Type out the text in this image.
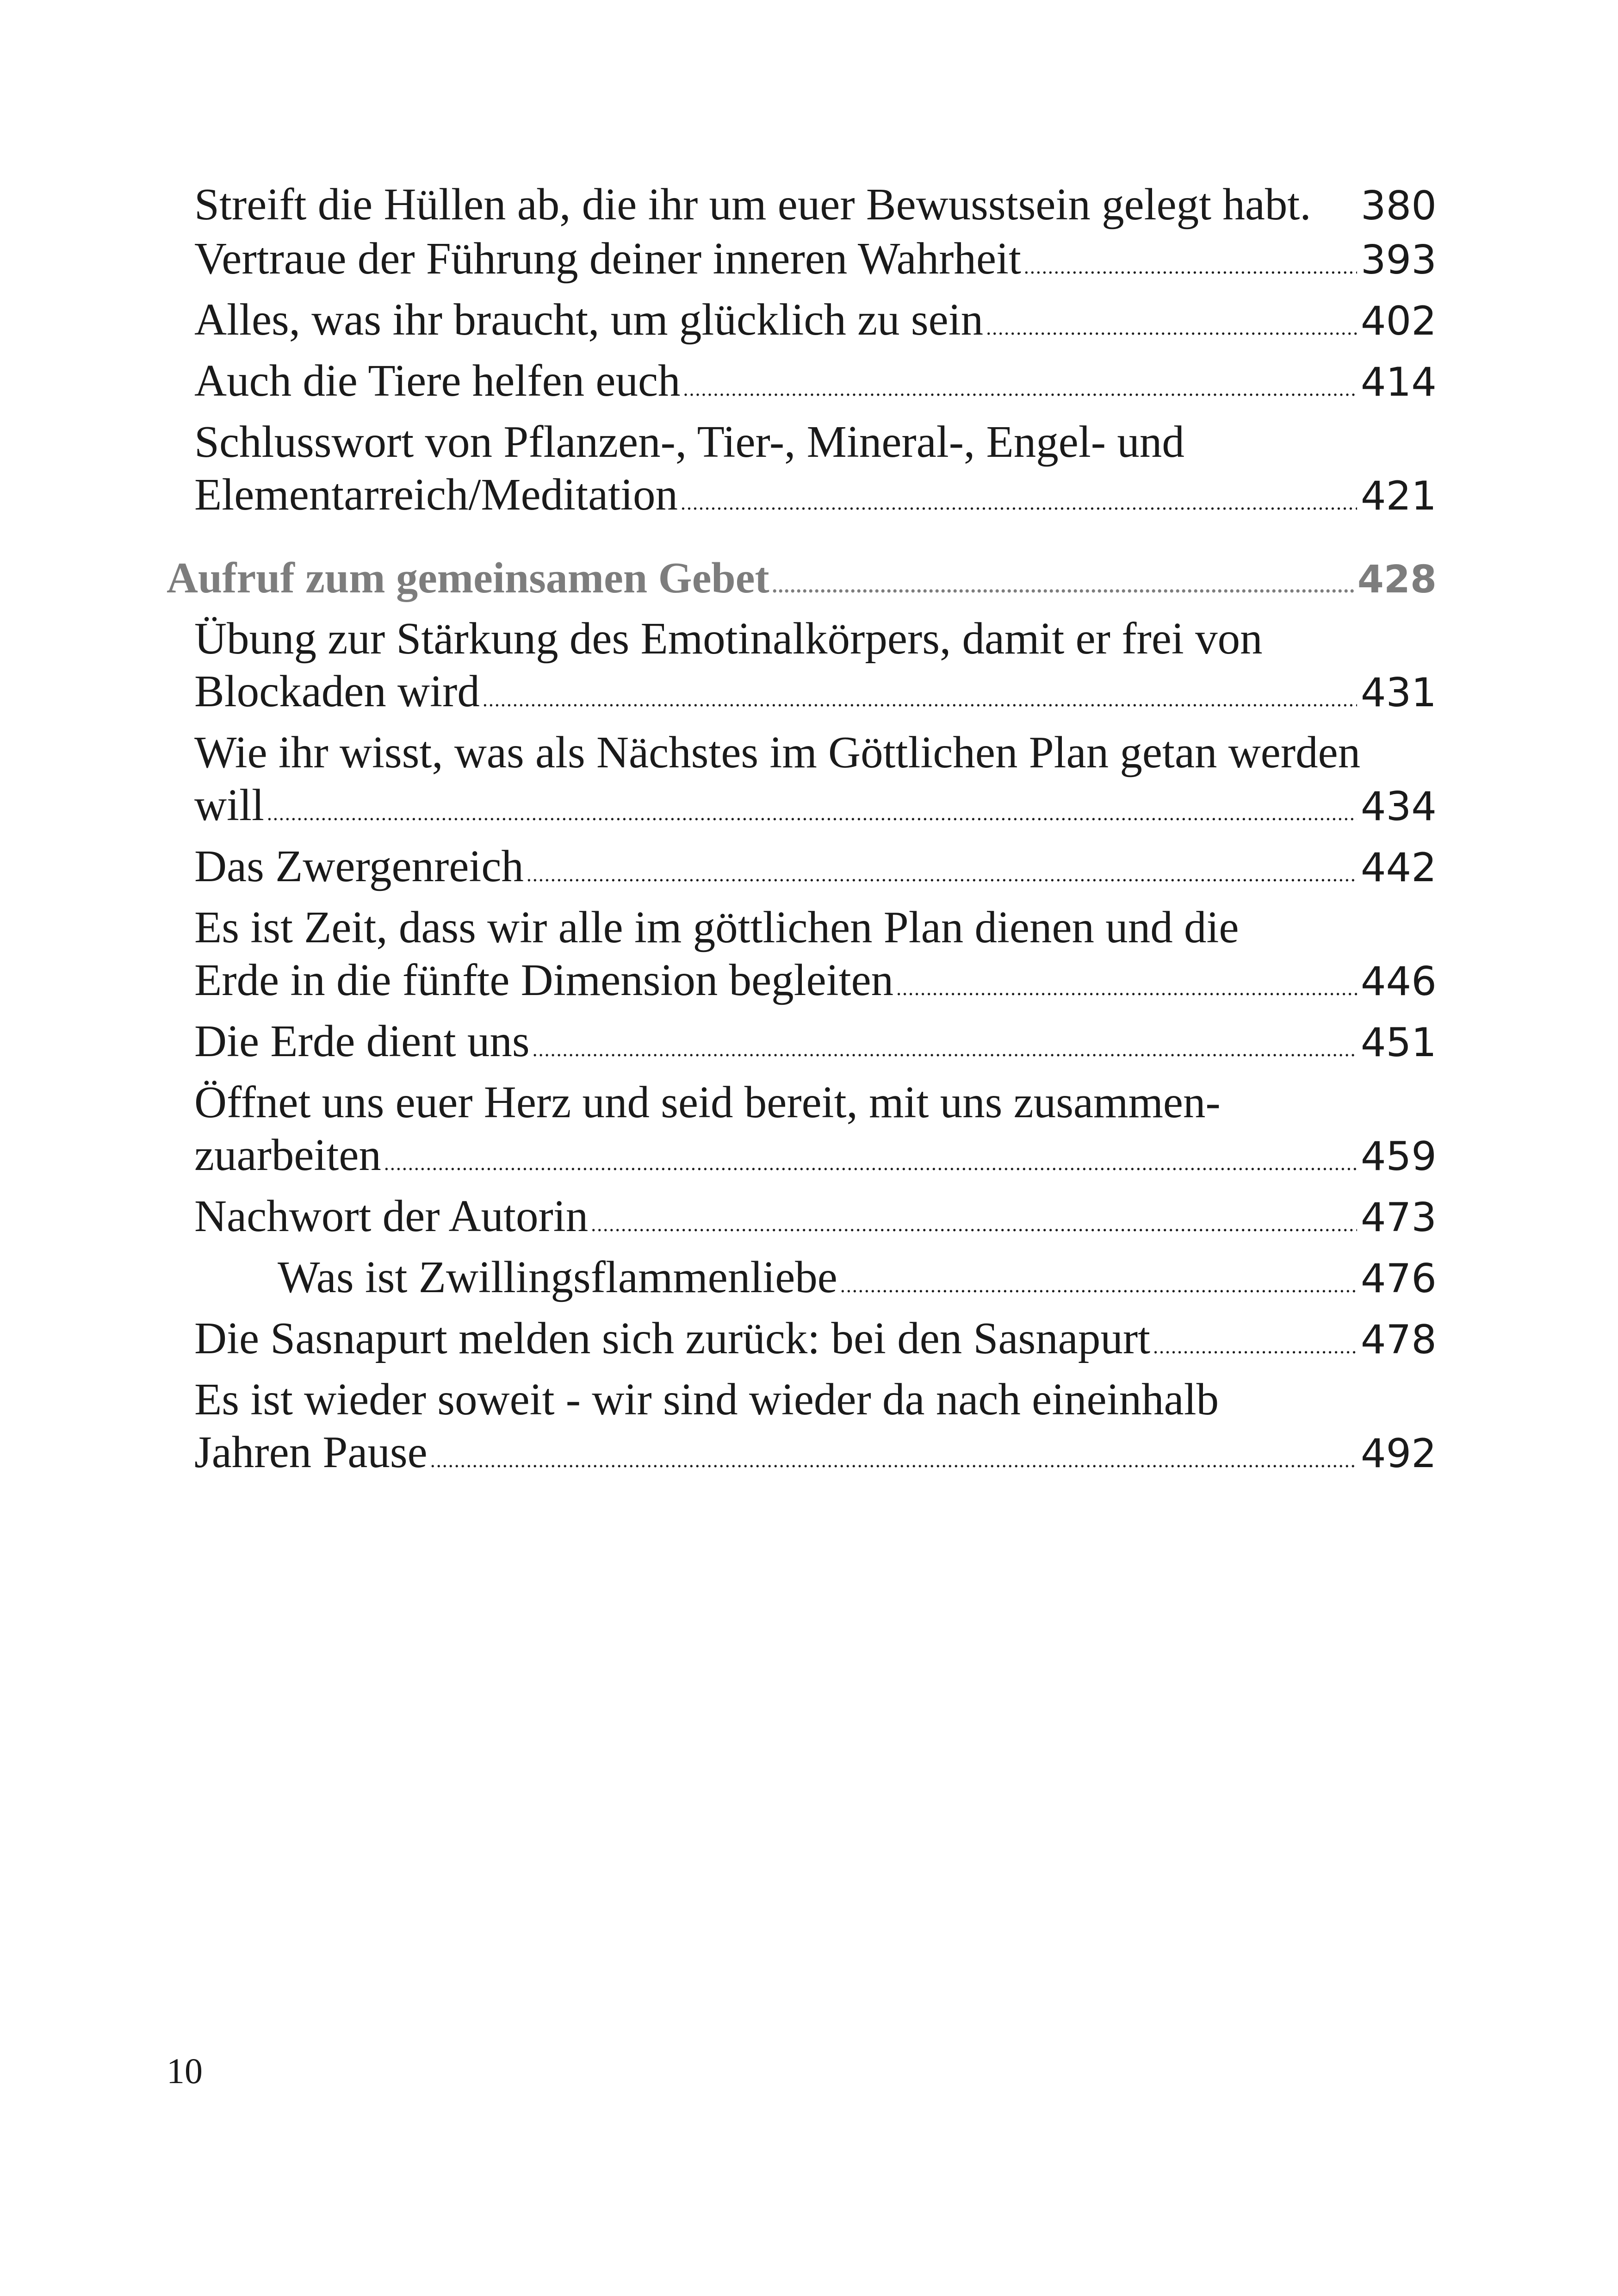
Streift die Hüllen ab, die ihr um euer Bewusstsein gelegt habt. 380
Vertraue der Führung deiner inneren Wahrheit .....	393
Alles, was ihr braucht, um glücklich zu sein .....	402
Auch die Tiere helfen euch .....	414
Schlusswort von Pflanzen-, Tier-, Mineral-, Engel- und
Elementarreich/Meditation .....	421
Aufruf zum gemeinsamen Gebet .....	428
Übung zur Stärkung des Emotinalkörpers, damit er frei von
Blockaden wird .....	431
Wie ihr wisst, was als Nächstes im Göttlichen Plan getan werden
will .....	434
Das Zwergenreich .....	442
Es ist Zeit, dass wir alle im göttlichen Plan dienen und die
Erde in die fünfte Dimension begleiten .....	446
Die Erde dient uns .....	451
Öffnet uns euer Herz und seid bereit, mit uns zusammen-
zuarbeiten .....	459
Nachwort der Autorin .....	473
Was ist Zwillingsflammenliebe .....	476
Die Sasnapurt melden sich zurück: bei den Sasnapurt .....	478
Es ist wieder soweit - wir sind wieder da nach eineinhalb
Jahren Pause .....	492
10
